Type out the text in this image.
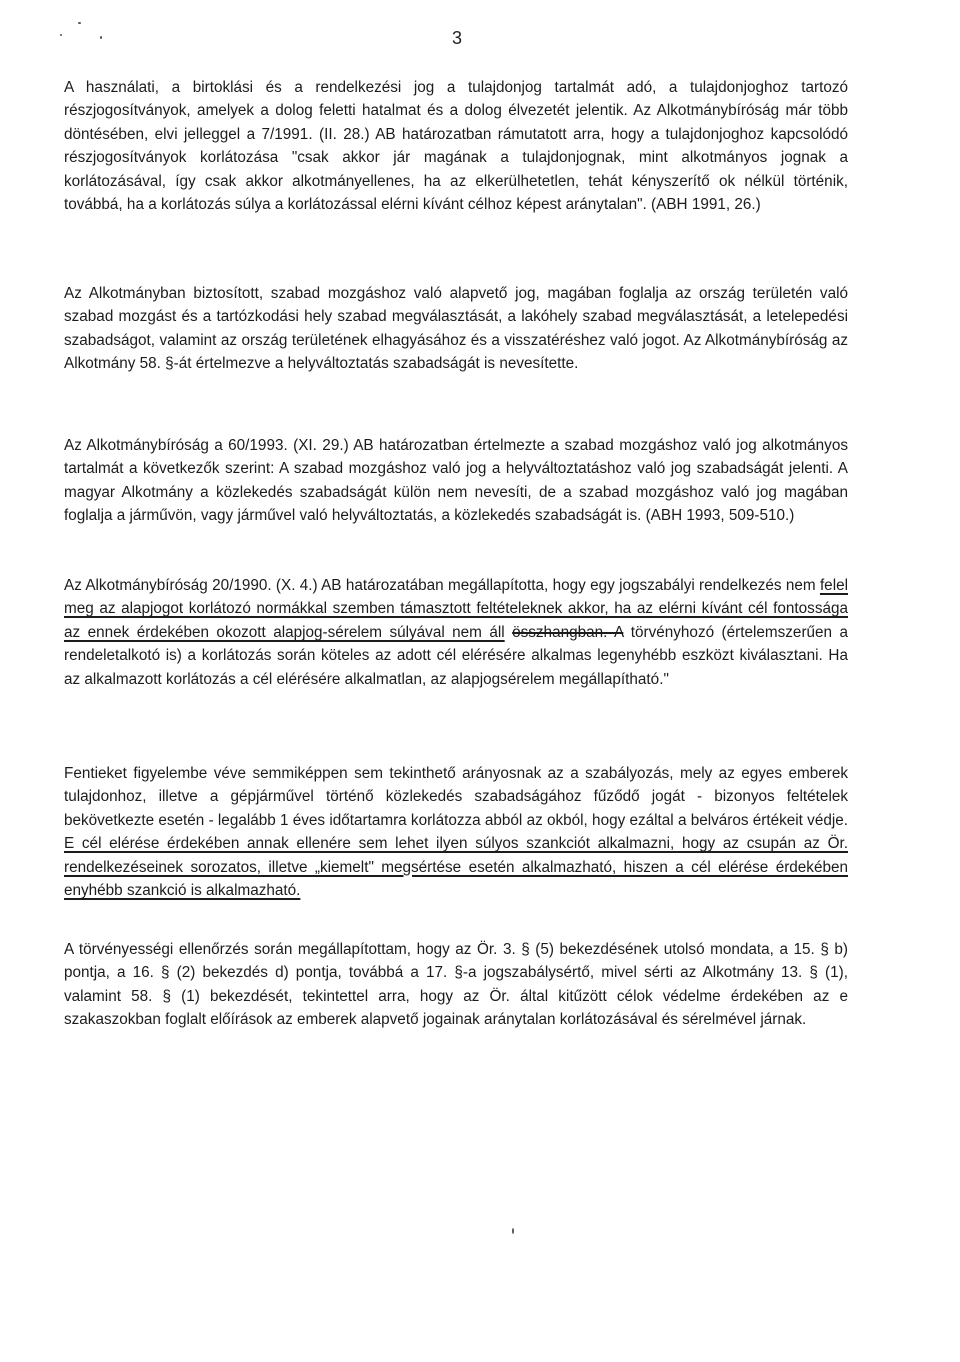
3

A használati, a birtoklási és a rendelkezési jog a tulajdonjog tartalmát adó, a tulajdonjoghoz tartozó részjogosítványok, amelyek a dolog feletti hatalmat és a dolog élvezetét jelentik. Az Alkotmánybíróság már több döntésében, elvi jelleggel a 7/1991. (II. 28.) AB határozatban rámutatott arra, hogy a tulajdonjoghoz kapcsolódó részjogosítványok korlátozása "csak akkor jár magának a tulajdonjognak, mint alkotmányos jognak a korlátozásával, így csak akkor alkotmányellenes, ha az elkerülhetetlen, tehát kényszerítő ok nélkül történik, továbbá, ha a korlátozás súlya a korlátozással elérni kívánt célhoz képest aránytalan". (ABH 1991, 26.)

Az Alkotmányban biztosított, szabad mozgáshoz való alapvető jog, magában foglalja az ország területén való szabad mozgást és a tartózkodási hely szabad megválasztását, a lakóhely szabad megválasztását, a letelepedési szabadságot, valamint az ország területének elhagyásához és a visszatéréshez való jogot. Az Alkotmánybíróság az Alkotmány 58. §-át értelmezve a helyváltoztatás szabadságát is nevesítette.

Az Alkotmánybíróság a 60/1993. (XI. 29.) AB határozatban értelmezte a szabad mozgáshoz való jog alkotmányos tartalmát a következők szerint: A szabad mozgáshoz való jog a helyváltoztatáshoz való jog szabadságát jelenti. A magyar Alkotmány a közlekedés szabadságát külön nem nevesíti, de a szabad mozgáshoz való jog magában foglalja a járművön, vagy járművel való helyváltoztatás, a közlekedés szabadságát is. (ABH 1993, 509-510.)

Az Alkotmánybíróság 20/1990. (X. 4.) AB határozatában megállapította, hogy egy jogszabályi rendelkezés nem felel meg az alapjogot korlátozó normákkal szemben támasztott feltételeknek akkor, ha az elérni kívánt cél fontossága az ennek érdekében okozott alapjog-sérelem súlyával nem áll összhangban. A törvényhozó (értelemszerűen a rendeletalkotó is) a korlátozás során köteles az adott cél elérésére alkalmas legenyhébb eszközt kiválasztani. Ha az alkalmazott korlátozás a cél elérésére alkalmatlan, az alapjogsérelem megállapítható."

Fentieket figyelembe véve semmiképpen sem tekinthető arányosnak az a szabályozás, mely az egyes emberek tulajdonhoz, illetve a gépjárművel történő közlekedés szabadságához fűződő jogát - bizonyos feltételek bekövetkezte esetén - legalább 1 éves időtartamra korlátozza abból az okból, hogy ezáltal a belváros értékeit védje. E cél elérése érdekében annak ellenére sem lehet ilyen súlyos szankciót alkalmazni, hogy az csupán az Ör. rendelkezéseinek sorozatos, illetve „kiemelt" megsértése esetén alkalmazható, hiszen a cél elérése érdekében enyhébb szankció is alkalmazható.

A törvényességi ellenőrzés során megállapítottam, hogy az Ör. 3. § (5) bekezdésének utolsó mondata, a 15. § b) pontja, a 16. § (2) bekezdés d) pontja, továbbá a 17. §-a jogszabálysértő, mivel sérti az Alkotmány 13. § (1), valamint 58. § (1) bekezdését, tekintettel arra, hogy az Ör. által kitűzött célok védelme érdekében az e szakaszokban foglalt előírások az emberek alapvető jogainak aránytalan korlátozásával és sérelmével járnak.
